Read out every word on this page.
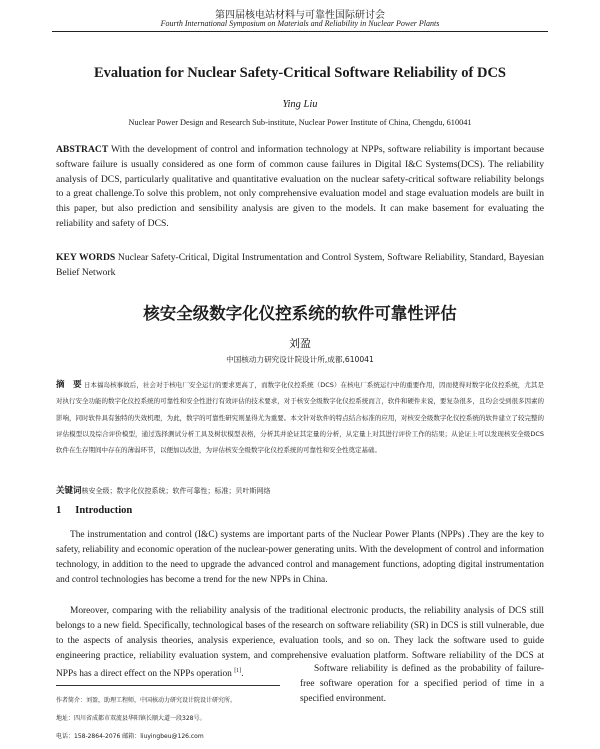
第四届核电站材料与可靠性国际研讨会
Fourth International Symposium on Materials and Reliability in Nuclear Power Plants
Evaluation for Nuclear Safety-Critical Software Reliability of DCS
Ying Liu
Nuclear Power Design and Research Sub-institute, Nuclear Power Institute of China, Chengdu, 610041

ABSTRACT With the development of control and information technology at NPPs, software reliability is important because software failure is usually considered as one form of common cause failures in Digital I&C Systems(DCS). The reliability analysis of DCS, particularly qualitative and quantitative evaluation on the nuclear safety-critical software reliability belongs to a great challenge.To solve this problem, not only comprehensive evaluation model and stage evaluation models are built in this paper, but also prediction and sensibility analysis are given to the models. It can make basement for evaluating the reliability and safety of DCS.

KEY WORDS Nuclear Safety-Critical, Digital Instrumentation and Control System, Software Reliability, Standard, Bayesian Belief Network

核安全级数字化仪控系统的软件可靠性评估
刘盈
中国核动力研究设计院设计所,成都,610041

摘　要 日本福岛核事故后，社会对于核电厂安全运行的要求更高了，而数字化仪控系统（DCS）在核电厂系统运行中的重要作用，因而使得对数字化仪控系统，尤其是对执行安全功能的数字化仪控系统的可靠性和安全性进行有效评估的技术要求，对于核安全级数字化仪控系统而言，软件和硬件来说，要复杂很多，且均会受到很多因素的影响，同时软件具有独特的失效机理，为此，数字的可靠性研究则显得尤为重要。本文针对软件的特点结合标准的应用，对核安全级数字化仪控系统的软件建立了较完整的评估模型以及综合评价模型，通过选择测试分析工具及树状模型表格，分析其并论证其定量的分析，从定量上对其进行评价工作的结果；从论证上可以发现核安全级DCS软件在生存期间中存在的薄弱环节，以便加以改进，为评估核安全级数字化仪控系统的可靠性和安全性奠定基础。

关键词核安全级；数字化仪控系统；软件可靠性；标准；贝叶斯网络

1 Introduction

The instrumentation and control (I&C) systems are important parts of the Nuclear Power Plants (NPPs) .They are the key to safety, reliability and economic operation of the nuclear-power generating units. With the development of control and information technology, in addition to the need to upgrade the advanced control and management functions, adopting digital instrumentation and control technologies has become a trend for the new NPPs in China.

Moreover, comparing with the reliability analysis of the traditional electronic products, the reliability analysis of DCS still belongs to a new field. Specifically, technological bases of the research on software reliability (SR) in DCS is still vulnerable, due to the aspects of analysis theories, analysis experience, evaluation tools, and so on. They lack the software used to guide engineering practice, reliability evaluation system, and comprehensive evaluation platform. Software reliability of the DCS at NPPs has a direct effect on the NPPs operation [1].	Software reliability is defined as the probability of failure-free software operation for a specified period of time in a specified environment.

作者简介：刘盈，助理工程师，中国核动力研究设计院设计研究所。

地址：四川省成都市双流县华阳镇长顺大道一段328号。

电话：158-2864-2076 邮箱：liuyingbeu@126.com
